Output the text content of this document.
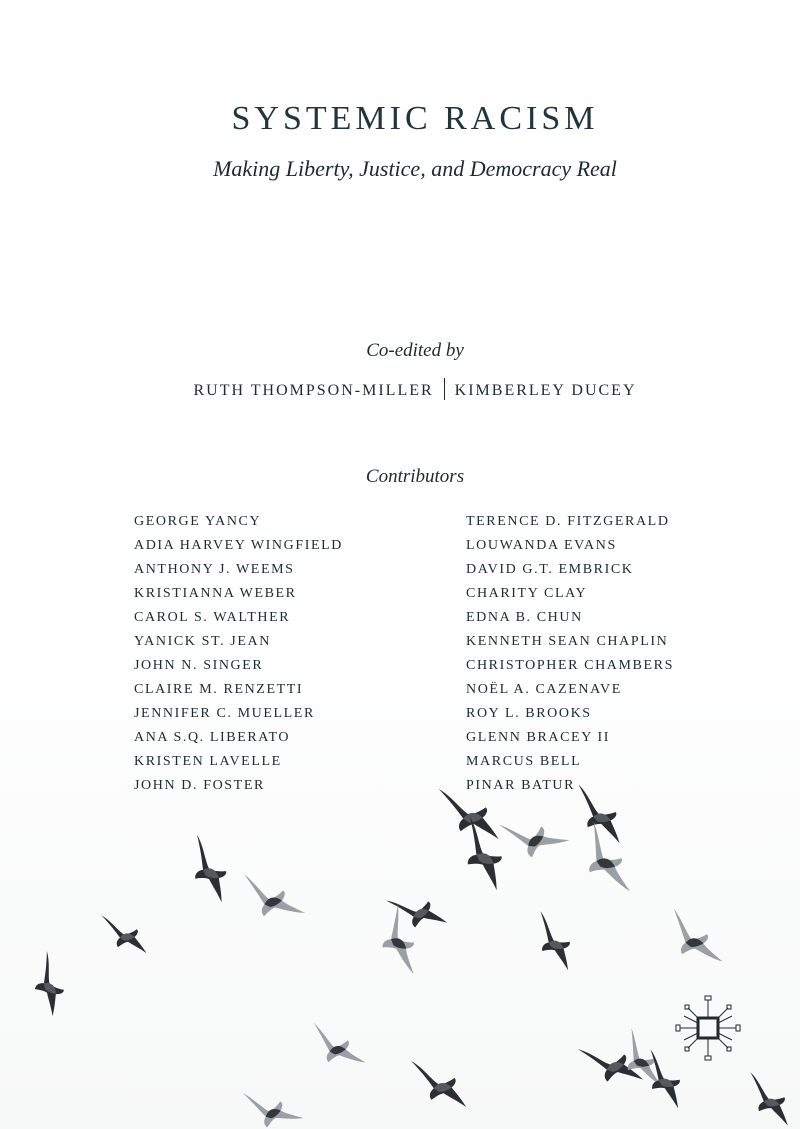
SYSTEMIC RACISM
Making Liberty, Justice, and Democracy Real
Co-edited by
RUTH THOMPSON-MILLER KIMBERLEY DUCEY
Contributors
GEORGE YANCY
ADIA HARVEY WINGFIELD
ANTHONY J. WEEMS
KRISTIANNA WEBER
CAROL S. WALTHER
YANICK ST. JEAN
JOHN N. SINGER
CLAIRE M. RENZETTI
JENNIFER C. MUELLER
ANA S.Q. LIBERATO
KRISTEN LAVELLE
JOHN D. FOSTER
TERENCE D. FITZGERALD
LOUWANDA EVANS
DAVID G.T. EMBRICK
CHARITY CLAY
EDNA B. CHUN
KENNETH SEAN CHAPLIN
CHRISTOPHER CHAMBERS
NOËL A. CAZENAVE
ROY L. BROOKS
GLENN BRACEY II
MARCUS BELL
PINAR BATUR
